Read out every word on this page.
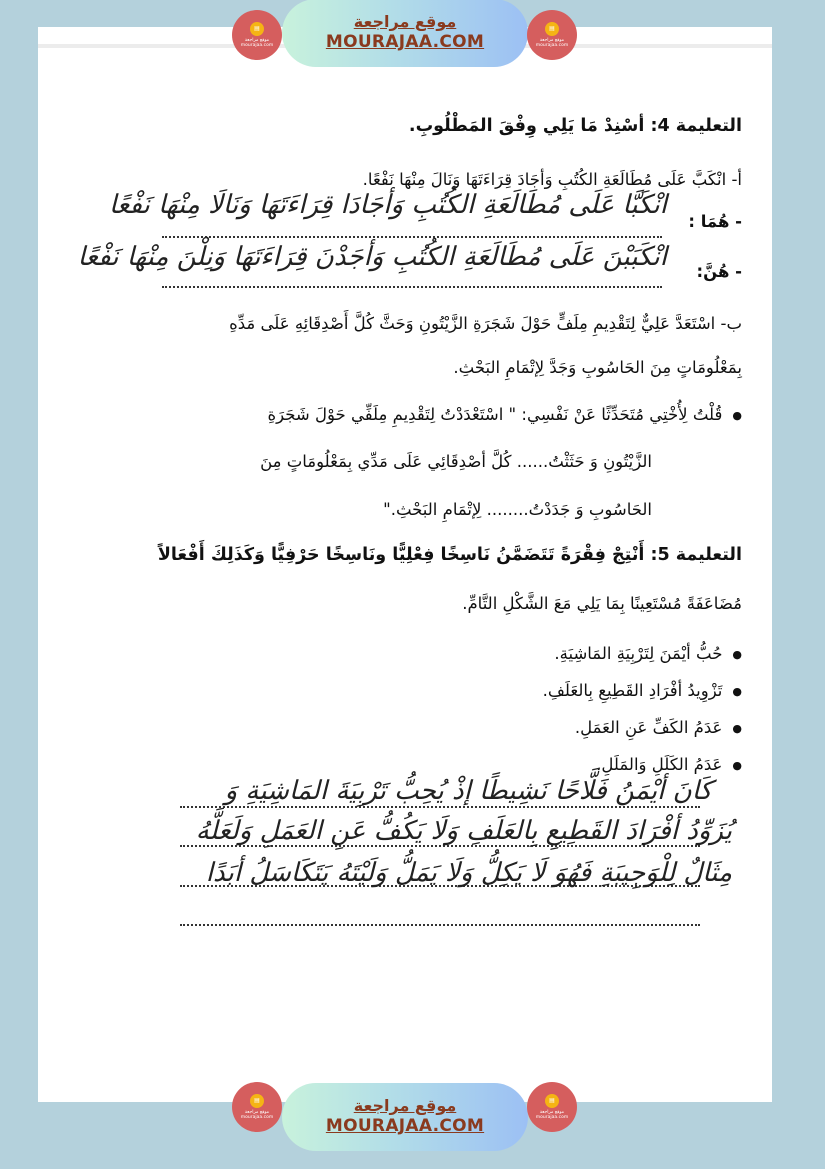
▤
موقع مراجعة mourajaa.com
موقع مراجعة
MOURAJAA.COM
▤
موقع مراجعة mourajaa.com
التعليمة 4: أسْنِدْ مَا يَلِي وِفْقَ المَطْلُوبِ.
أ- انْكَبَّ عَلَى مُطَالَعَةِ الكُتُبِ وَأجَادَ قِرَاءَتَهَا وَنَالَ مِنْهَا نَفْعًا.
- هُمَا :
انْكَبَّا عَلَى مُطَالَعَةِ الكُتُبِ وَأجَادَا قِرَاءَتَهَا وَنَالَا مِنْهَا نَفْعًا
- هُنَّ:
انْكَبَبْنَ عَلَى مُطَالَعَةِ الكُتُبِ وَأجَدْنَ قِرَاءَتَهَا وَنِلْنَ مِنْهَا نَفْعًا
ب- اسْتَعَدَّ عَلِيٌّ لِتَقْدِيمِ مِلَفٍّ حَوْلَ شَجَرَةِ الزَّيْتُونِ وَحَثَّ كُلَّ أَصْدِقَائِهِ عَلَى مَدِّهِ
بِمَعْلُومَاتٍ مِنَ الحَاسُوبِ وَجَدَّ لِإتْمَامِ البَحْثِ.
● قُلْتُ لِأُخْتِي مُتَحَدِّثًا عَنْ نَفْسِي: " اسْتَعْدَدْتُ لِتَقْدِيمِ مِلَفِّي حَوْلَ شَجَرَةِ
الزَّيْتُونِ وَ حَثَثْتُ...... كُلَّ أصْدِقَائِي عَلَى مَدِّي بِمَعْلُومَاتٍ مِنَ
الحَاسُوبِ وَ جَدَدْتُ........ لِإتْمَامِ البَحْثِ."
التعليمة 5: أَنْتِجْ فِقْرَةً تَتَضَمَّنُ نَاسِخًا فِعْلِيًّا ونَاسِخًا حَرْفِيًّا وَكَذَلِكَ أَفْعَالاً
مُضَاعَفَةً مُسْتَعِينًا بِمَا يَلِي مَعَ الشَّكْلِ التَّامِّ.
● حُبُّ أيْمَنَ لِتَرْبِيَةِ المَاشِيَةِ.
● تَزْوِيدُ أفْرَادِ القَطِيعِ بِالعَلَفِ.
● عَدَمُ الكَفِّ عَنِ العَمَلِ.
● عَدَمُ الكَلَلِ وَالمَلَلِ.
كَانَ أيْمَنُ فَلَّاحًا نَشِيطًا إذْ يُحِبُّ تَرْبِيَةَ المَاشِيَةِ وَ
يُزَوِّدُ أفْرَادَ القَطِيعِ بِالعَلَفِ وَلَا يَكُفُّ عَنِ العَمَلِ وَلَعَلَّهُ
مِثَالٌ لِلْوَجِيبَةِ فَهُوَ لَا يَكِلُّ وَلَا يَمَلُّ وَلَيْتَهُ يَتَكَاسَلُ أبَدًا
▤
موقع مراجعة mourajaa.com
موقع مراجعة
MOURAJAA.COM
▤
موقع مراجعة mourajaa.com
